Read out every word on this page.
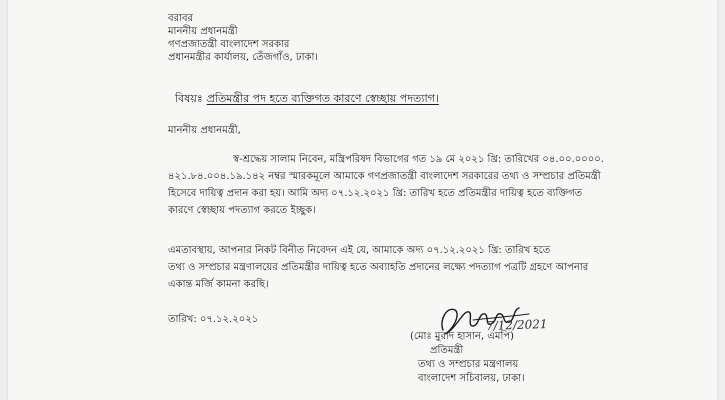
বরাবর
মাননীয় প্রধানমন্ত্রী
গণপ্রজাতন্ত্রী বাংলাদেশ সরকার
প্রধানমন্ত্রীর কার্যালয়, তেঁজগাঁও, ঢাকা।
বিষয়ঃ প্রতিমন্ত্রীর পদ হতে ব্যক্তিগত কারণে স্বেচ্ছায় পদত্যাগ।
মাননীয় প্রধানমন্ত্রী,
স্ব-শ্রদ্ধেয় সালাম নিবেন, মন্ত্রিপরিষদ বিভাগের গত ১৯ মে ২০২১ খ্রি: তারিখের ০৪.০০.০০০০.
৪২১.৮৪.০০৪.১৯.১৪২ নম্বর স্মারকমূলে আমাকে গণপ্রজাতন্ত্রী বাংলাদেশ সরকারের তথ্য ও সম্প্রচার প্রতিমন্ত্রী
হিসেবে দায়িত্ব প্রদান করা হয়। আমি অদ্য ০৭.১২.২০২১ খ্রি: তারিখ হতে প্রতিমন্ত্রীর দায়িত্ব হতে ব্যক্তিগত
কারণে স্বেচ্ছায় পদত্যাগ করতে ইচ্ছুক।
এমতাবস্থায়, আপনার নিকট বিনীত নিবেদন এই যে, আমাকে অদ্য ০৭.১২.২০২১ খ্রি: তারিখ হতে
তথ্য ও সম্প্রচার মন্ত্রণালয়ের প্রতিমন্ত্রীর দায়িত্ব হতে অব্যাহতি প্রদানের লক্ষ্যে পদত্যাগ পত্রটি গ্রহণে আপনার
একান্ত মর্জি কামনা করছি।
তারিখ: ০৭.১২.২০২১	7/12/2021
(মোঃ মুরাদ হাসান, এমপি)
প্রতিমন্ত্রী
তথ্য ও সম্প্রচার মন্ত্রণালয়
বাংলাদেশ সচিবালয়, ঢাকা।
